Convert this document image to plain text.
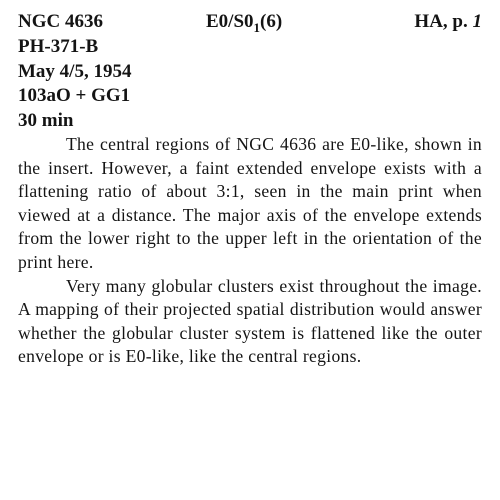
NGC 4636	$E0/S0_1(6)$	HA, p. 1
PH-371-B
May 4/5, 1954
103aO + GG1
30 min

The central regions of NGC 4636 are E0-like, shown in the insert. However, a faint extended envelope exists with a flattening ratio of about 3:1, seen in the main print when viewed at a distance. The major axis of the envelope extends from the lower right to the upper left in the orientation of the print here.

Very many globular clusters exist throughout the image. A mapping of their projected spatial distribution would answer whether the globular cluster system is flattened like the outer envelope or is E0-like, like the central regions.
